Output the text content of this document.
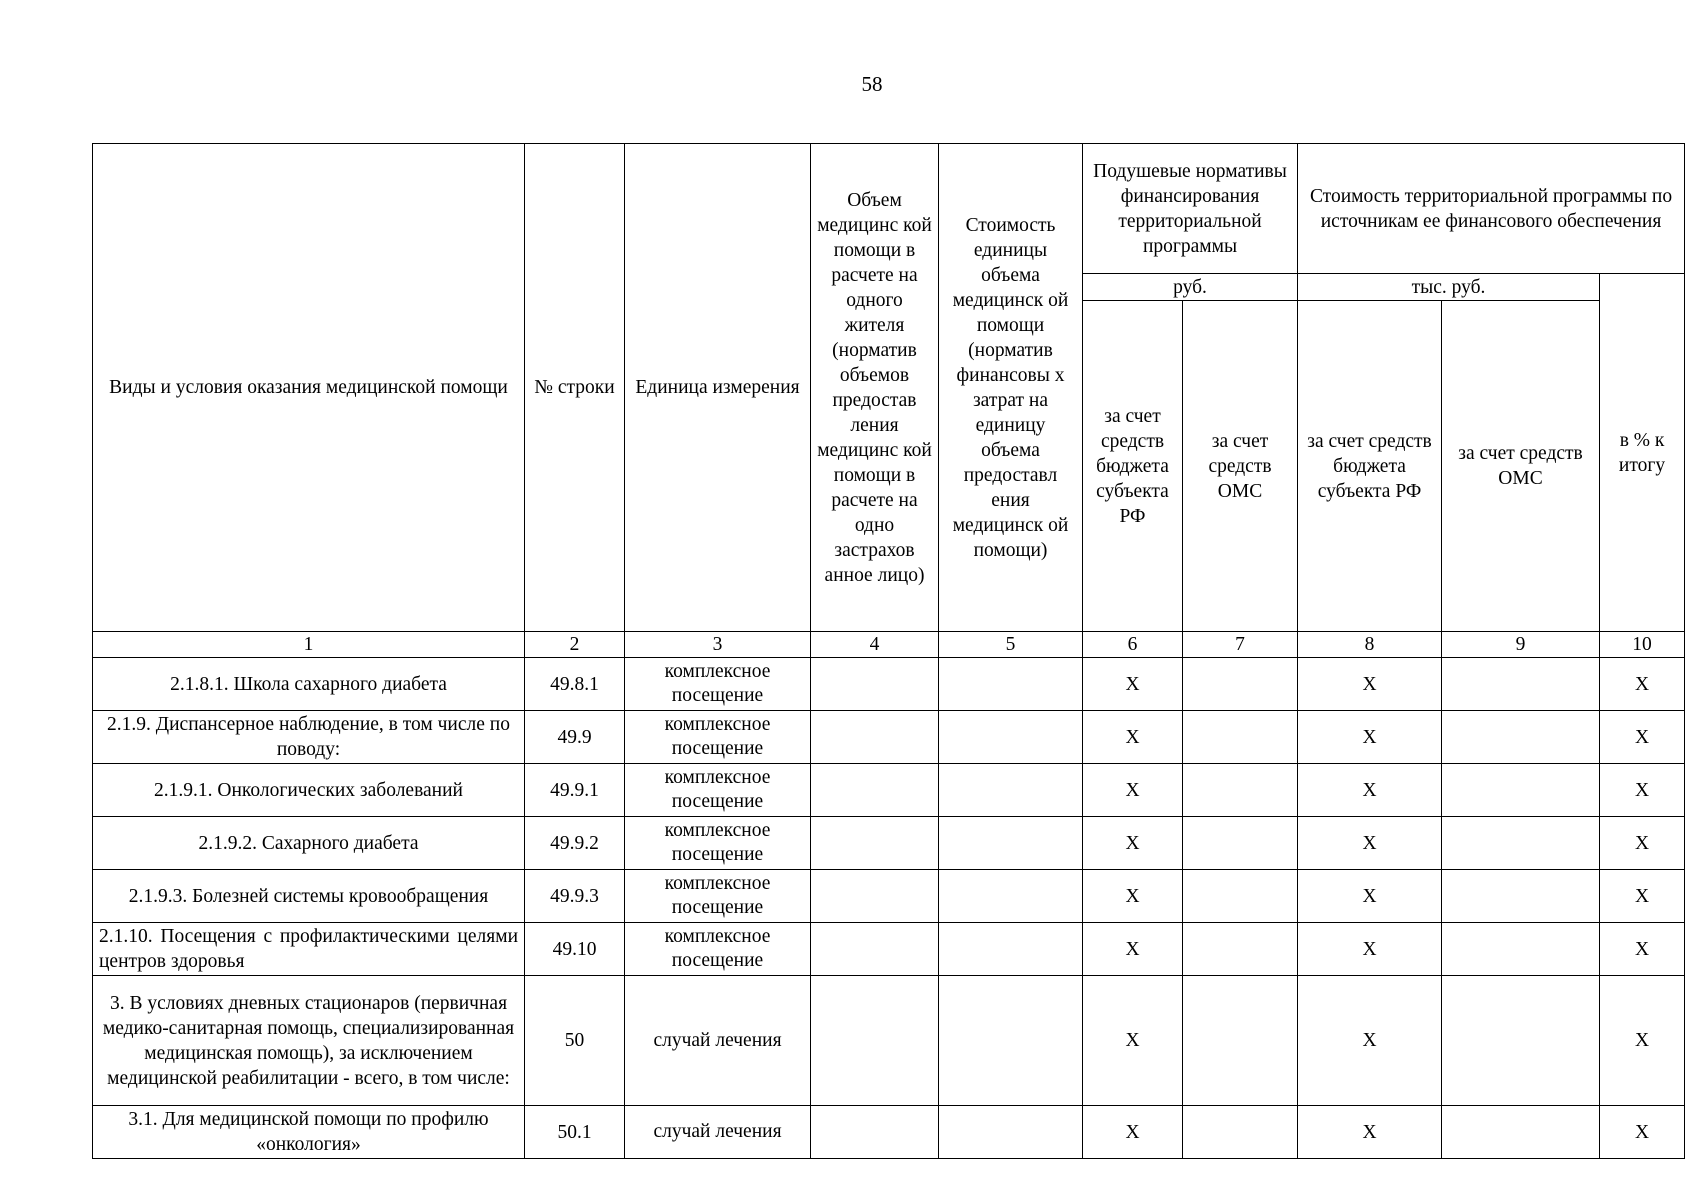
58
Виды и условия оказания медицинской помощи	№ строки	Единица измерения	Объем медицинс кой помощи в расчете на одного жителя (норматив объемов предостав ления медицинс кой помощи в расчете на одно застрахов анное лицо)	Стоимость единицы объема медицинск ой помощи (норматив финансовы х затрат на единицу объема предоставл ения медицинск ой помощи)	Подушевые нормативы финансирования территориальной программы		Стоимость территориальной программы по источникам ее финансового обеспечения		
					руб.		тыс. руб.		в % к итогу
					за счет средств бюджета субъекта РФ	за счет средств ОМС	за счет средств бюджета субъекта РФ	за счет средств ОМС	
1	2	3	4	5	6	7	8	9	10
2.1.8.1. Школа сахарного диабета	49.8.1	комплексное посещение			X		X		X
2.1.9. Диспансерное наблюдение, в том числе по поводу:	49.9	комплексное посещение			X		X		X
2.1.9.1. Онкологических заболеваний	49.9.1	комплексное посещение			X		X		X
2.1.9.2. Сахарного диабета	49.9.2	комплексное посещение			X		X		X
2.1.9.3. Болезней системы кровообращения	49.9.3	комплексное посещение			X		X		X
2.1.10. Посещения с профилактическими целями центров здоровья	49.10	комплексное посещение			X		X		X
3. В условиях дневных стационаров (первичная медико-санитарная помощь, специализированная медицинская помощь), за исключением медицинской реабилитации - всего, в том числе:	50	случай лечения			X		X		X
3.1. Для медицинской помощи по профилю «онкология»	50.1	случай лечения			X		X		X
